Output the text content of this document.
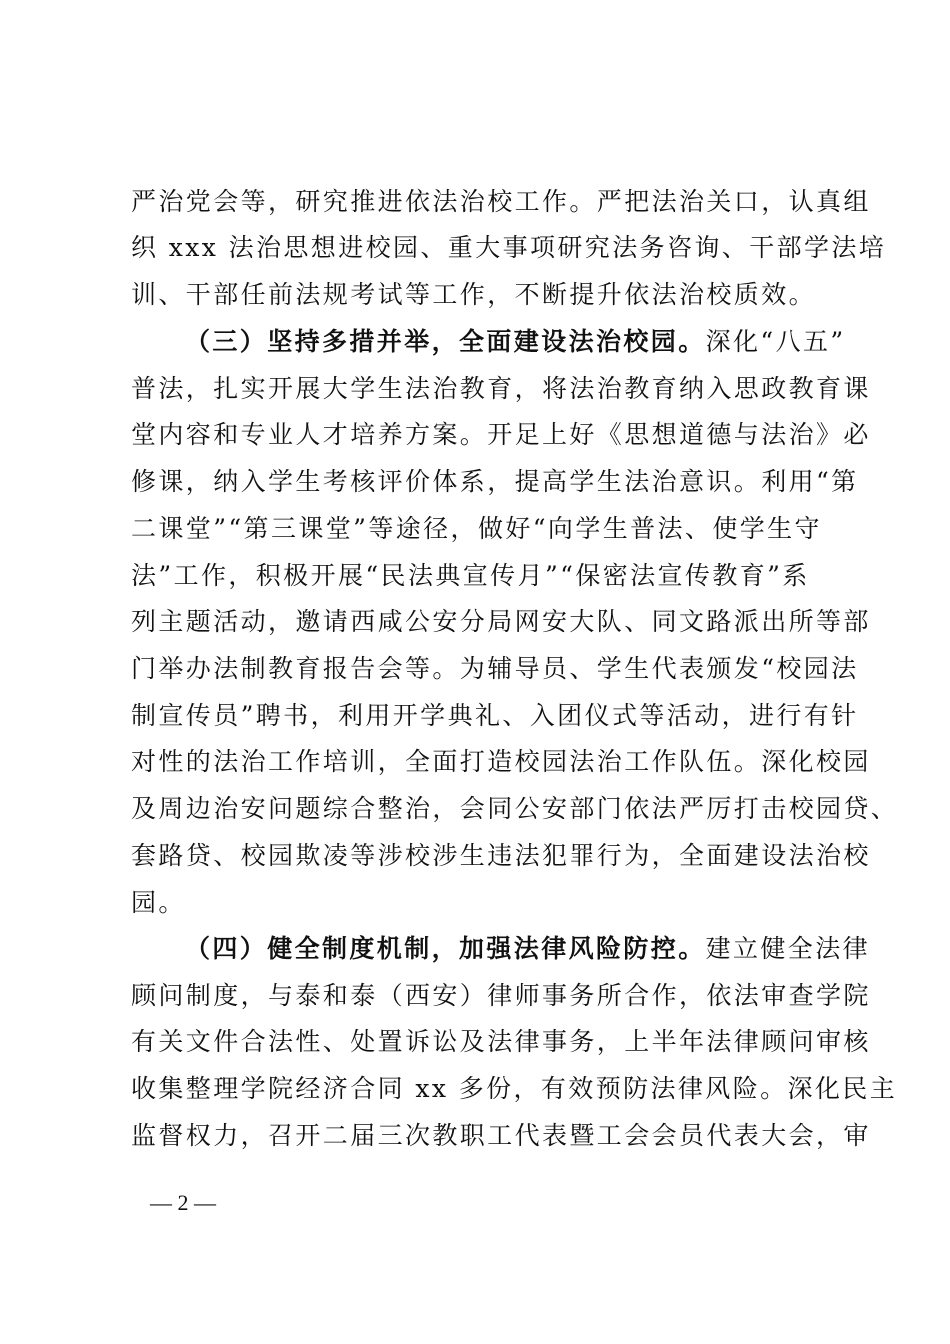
严治党会等，研究推进依法治校工作。严把法治关口，认真组
织 xxx 法治思想进校园、重大事项研究法务咨询、干部学法培
训、干部任前法规考试等工作，不断提升依法治校质效。
（三）坚持多措并举，全面建设法治校园。深化“八五”
普法，扎实开展大学生法治教育，将法治教育纳入思政教育课
堂内容和专业人才培养方案。开足上好《思想道德与法治》必
修课，纳入学生考核评价体系，提高学生法治意识。利用“第
二课堂”“第三课堂”等途径，做好“向学生普法、使学生守
法”工作，积极开展“民法典宣传月”“保密法宣传教育”系
列主题活动，邀请西咸公安分局网安大队、同文路派出所等部
门举办法制教育报告会等。为辅导员、学生代表颁发“校园法
制宣传员”聘书，利用开学典礼、入团仪式等活动，进行有针
对性的法治工作培训，全面打造校园法治工作队伍。深化校园
及周边治安问题综合整治，会同公安部门依法严厉打击校园贷、
套路贷、校园欺凌等涉校涉生违法犯罪行为，全面建设法治校
园。
（四）健全制度机制，加强法律风险防控。建立健全法律
顾问制度，与泰和泰（西安）律师事务所合作，依法审查学院
有关文件合法性、处置诉讼及法律事务，上半年法律顾问审核
收集整理学院经济合同 xx 多份，有效预防法律风险。深化民主
监督权力，召开二届三次教职工代表暨工会会员代表大会，审
— 2 —
